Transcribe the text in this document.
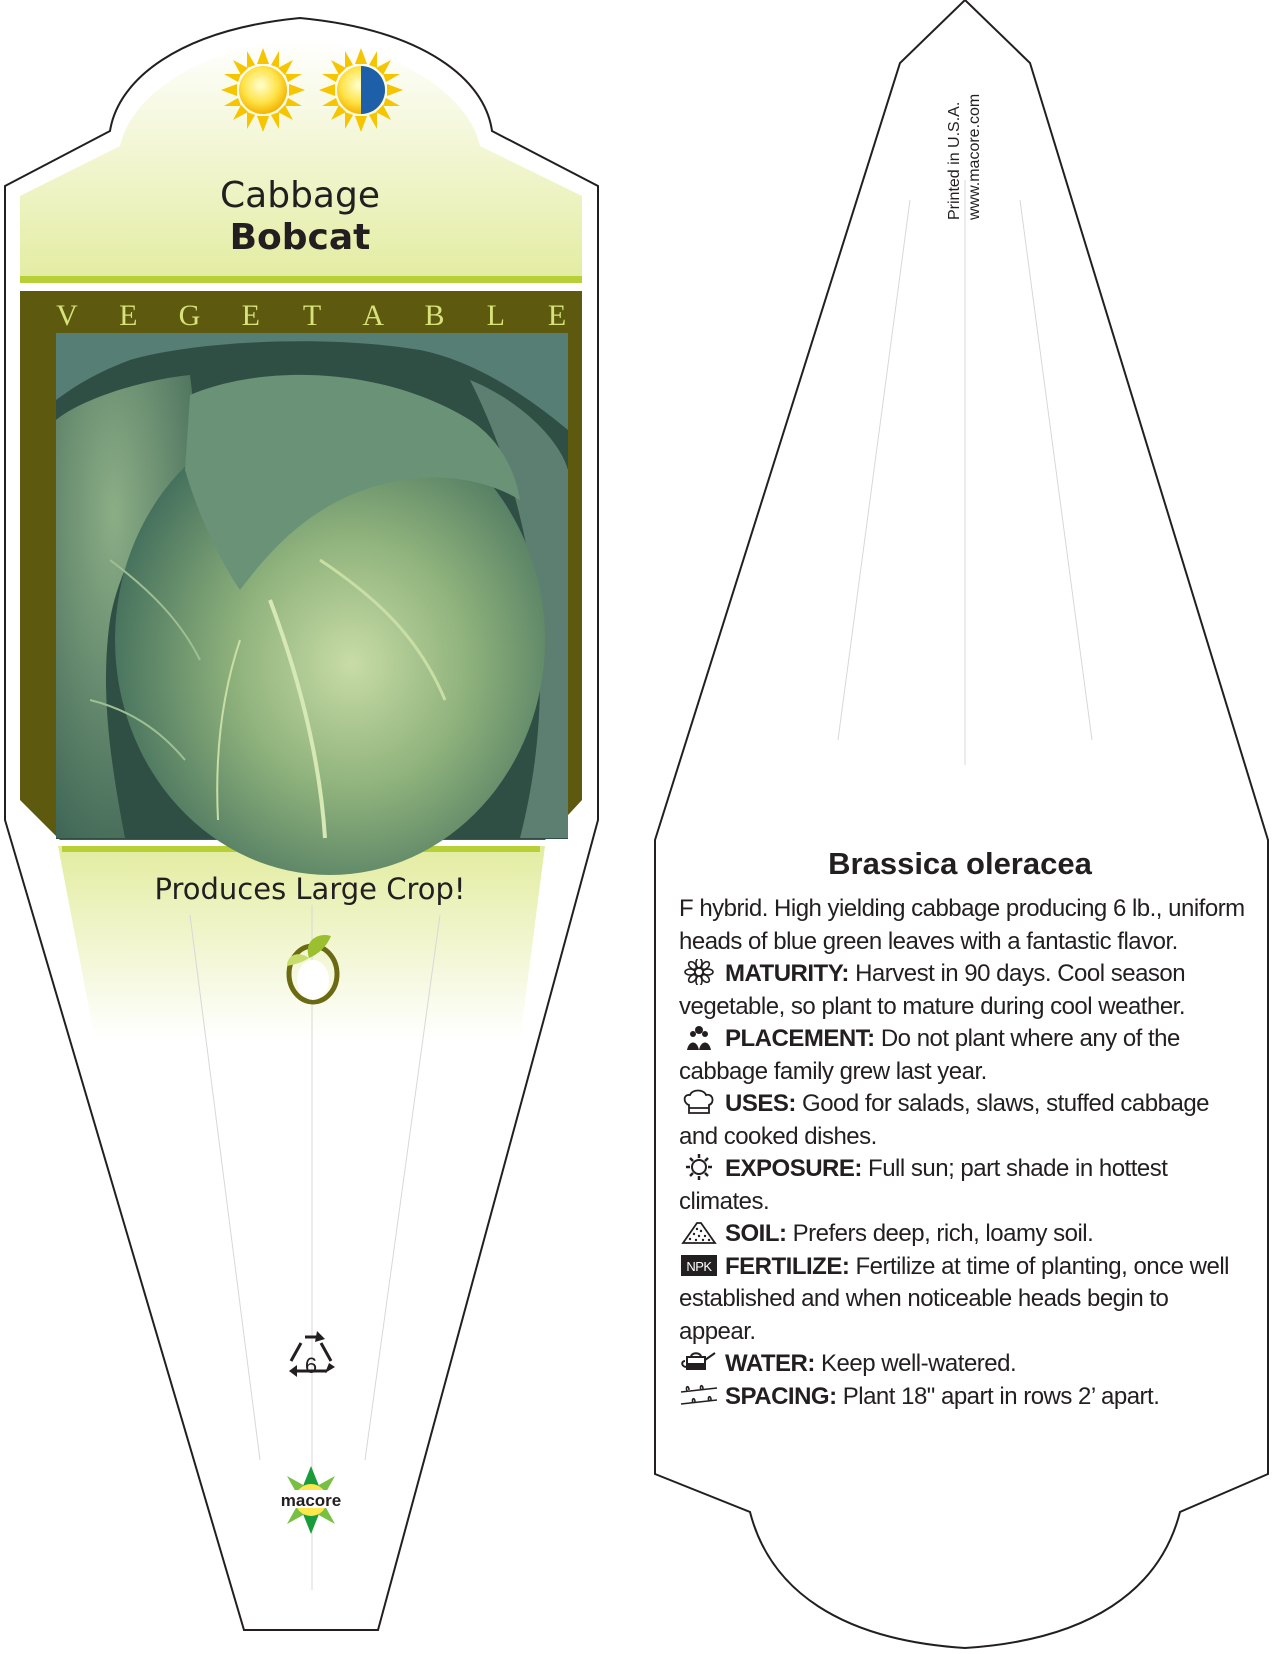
Cabbage
Bobcat
V E G E T A B L E
Produces Large Crop!
6
macore
Printed in U.S.A. www.macore.com
Brassica oleracea

F hybrid. High yielding cabbage producing 6 lb., uniform heads of blue green leaves with a fantastic flavor.

MATURITY: Harvest in 90 days. Cool season vegetable, so plant to mature during cool weather.

PLACEMENT: Do not plant where any of the cabbage family grew last year.

USES: Good for salads, slaws, stuffed cabbage and cooked dishes.

EXPOSURE: Full sun; part shade in hottest climates.

SOIL: Prefers deep, rich, loamy soil.

NPK FERTILIZE: Fertilize at time of planting, once well established and when noticeable heads begin to appear.

WATER: Keep well-watered.

SPACING: Plant 18" apart in rows 2’ apart.
